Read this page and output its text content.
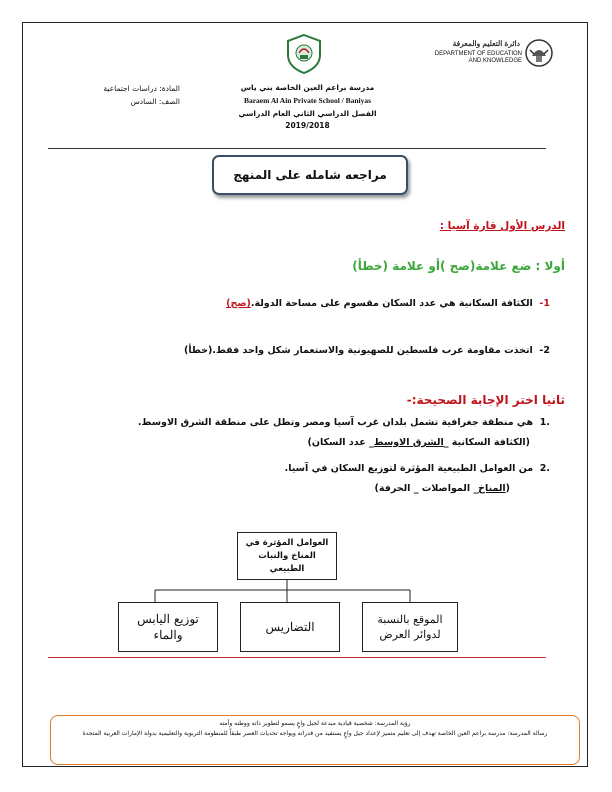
دائرة التعليم والمعرفة
DEPARTMENT OF EDUCATION
AND KNOWLEDGE
مدرسة براعم العين الخاصة بني ياس
Baraem Al Ain Private School / Baniyas
الفصل الدراسي الثاني العام الدراسي 2019/2018
المادة: دراسات اجتماعية
الصف: السادس
مراجعه شامله على المنهج
الدرس الأول قارة آسيا :
أولا : ضع علامة(صح )أو علامة (خطأ)
1-  الكثافة السكانية هي عدد السكان مقسوم على مساحة الدولة.(صح)
2-  اتخذت مقاومة عرب فلسطين للصهيونية والاستعمار شكل واحد فقط.(خطأ)
ثانيا اختر الإجابة الصحيحة:-
.1  هي منطقة جغرافية تشمل بلدان غرب آسيا ومصر وتطل على منطقة الشرق الاوسط.
(الكثافة السكانية _الشرق الاوسط_ عدد السكان)
.2  من العوامل الطبيعية المؤثرة لتوزيع السكان في آسيا.
(المناخ_ المواصلات _ الحرفة)
العوامل المؤثرة في المناخ والنبات الطبيعي
الموقع بالنسبة لدوائر العرض
التضاريس
توزيع اليابس والماء
رؤية المدرسة: شخصية قيادية مبدعة لجيل واعٍ يسمو لتطوير ذاته ووطنه وأمته
رسالة المدرسة: مدرسة براعم العين الخاصة تهدف إلى تعليم متميز لإعداد جيل واعٍ يستفيد من قدراته ويواجه تحديات العصر طبقاً للمنظومة التربوية والتعليمية بدولة الإمارات العربية المتحدة
